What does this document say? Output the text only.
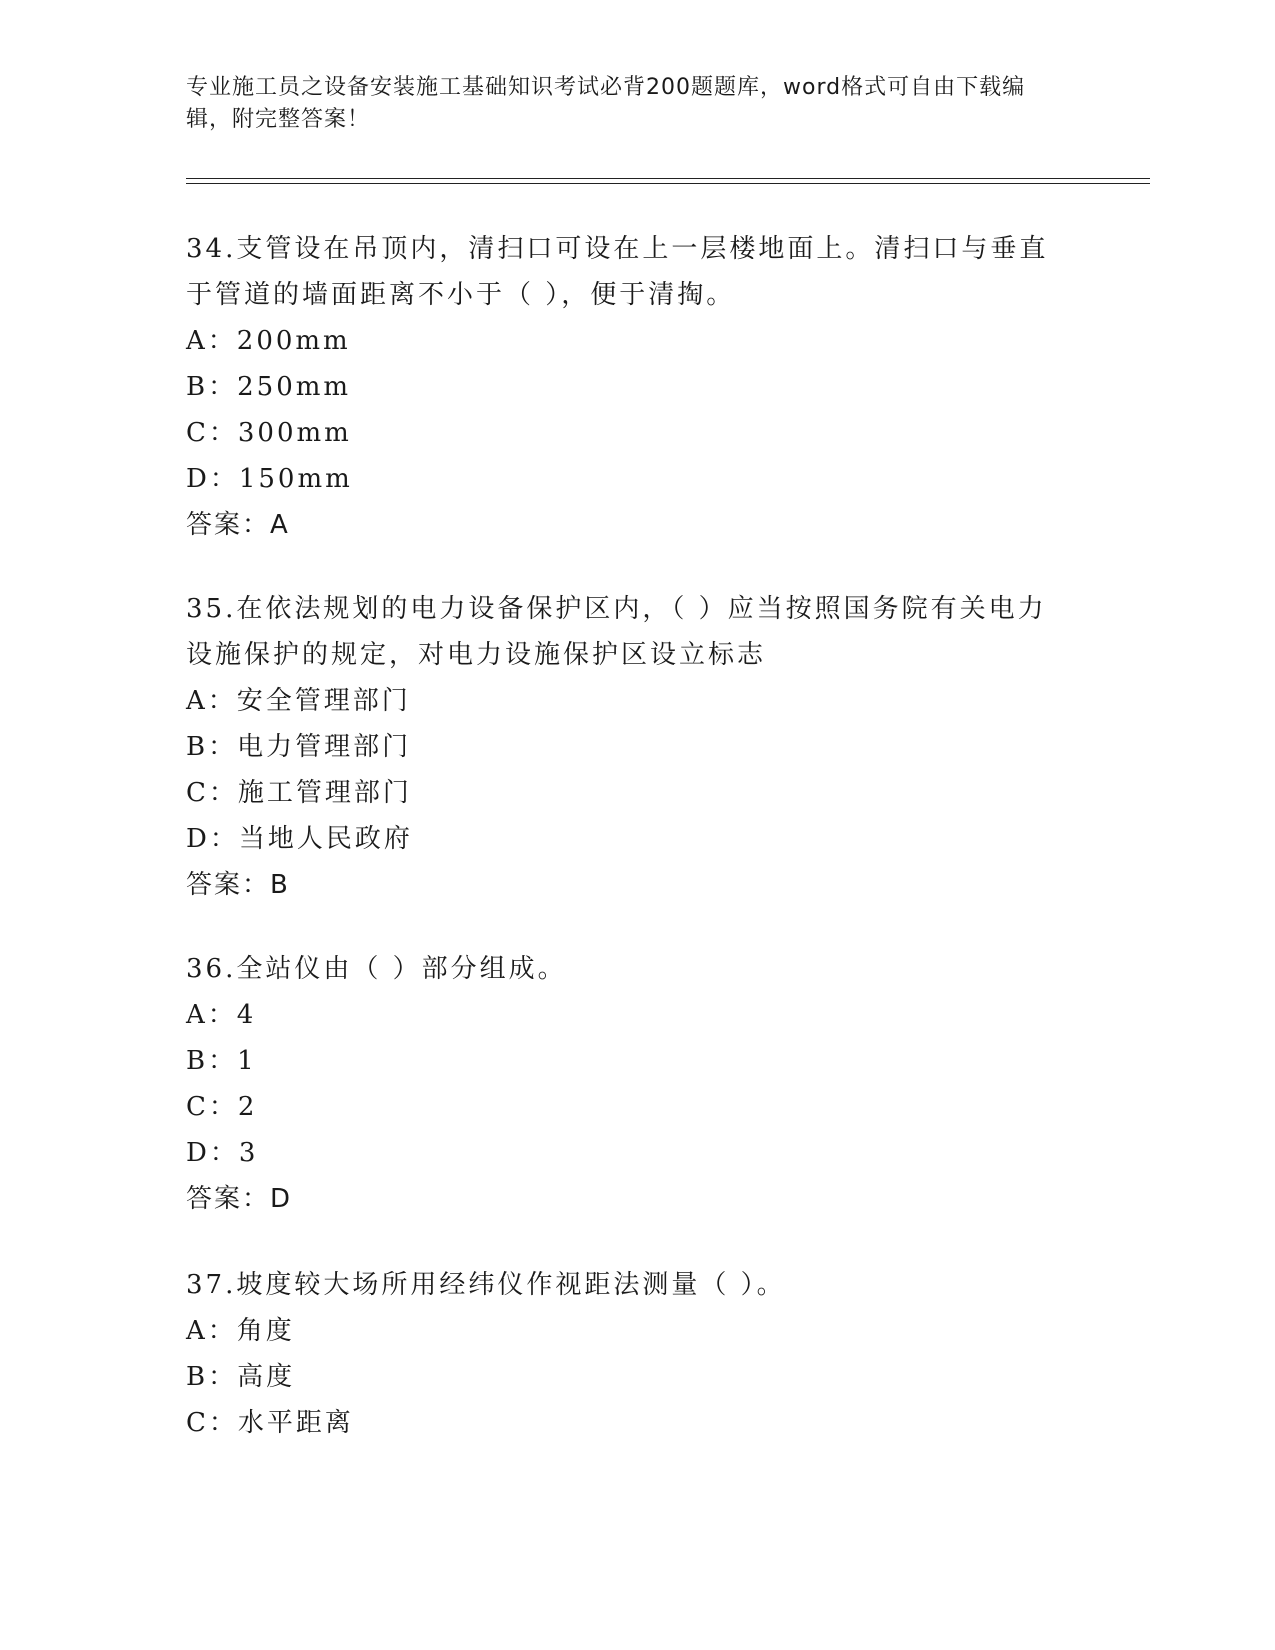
专业施工员之设备安装施工基础知识考试必背200题题库，word格式可自由下载编辑，附完整答案！

34.支管设在吊顶内，清扫口可设在上一层楼地面上。清扫口与垂直于管道的墙面距离不小于（ ），便于清掏。

A：200mm
B：250mm
C：300mm
D：150mm
答案：A

35.在依法规划的电力设备保护区内，（ ）应当按照国务院有关电力设施保护的规定，对电力设施保护区设立标志

A：安全管理部门
B：电力管理部门
C：施工管理部门
D：当地人民政府
答案：B

36.全站仪由（ ）部分组成。

A：4
B：1
C：2
D：3
答案：D

37.坡度较大场所用经纬仪作视距法测量（ ）。

A：角度
B：高度
C：水平距离
